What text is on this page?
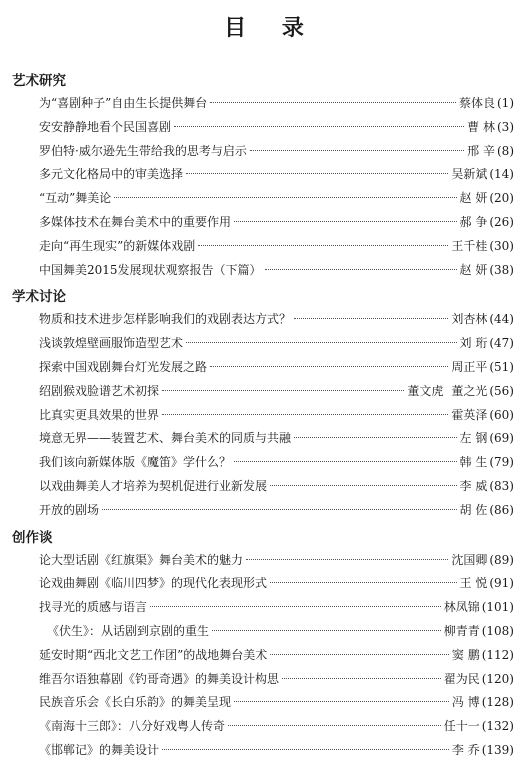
目 录
艺术研究
为“喜剧种子”自由生长提供舞台	蔡体良 (1)
安安静静地看个民国喜剧	曹 林 (3)
罗伯特·威尔逊先生带给我的思考与启示	邢 辛 (8)
多元文化格局中的审美选择	吴新斌 (14)
“互动”舞美论	赵 妍 (20)
多媒体技术在舞台美术中的重要作用	郝 争 (26)
走向“再生现实”的新媒体戏剧	王千桂 (30)
中国舞美2015发展现状观察报告（下篇）	赵 妍 (38)
学术讨论
物质和技术进步怎样影响我们的戏剧表达方式？	刘杏林 (44)
浅谈敦煌壁画服饰造型艺术	刘 珩 (47)
探索中国戏剧舞台灯光发展之路	周正平 (51)
绍剧猴戏脸谱艺术初探	董文虎 董之光 (56)
比真实更具效果的世界	霍英泽 (60)
境意无界——装置艺术、舞台美术的同质与共融	左 钢 (69)
我们该向新媒体版《魔笛》学什么？	韩 生 (79)
以戏曲舞美人才培养为契机促进行业新发展	李 威 (83)
开放的剧场	胡 佐 (86)
创作谈
论大型话剧《红旗渠》舞台美术的魅力	沈国卿 (89)
论戏曲舞剧《临川四梦》的现代化表现形式	王 悦 (91)
找寻光的质感与语言	林凤锦 (101)
《伏生》：从话剧到京剧的重生	柳青青 (108)
延安时期“西北文艺工作团”的战地舞台美术	窦 鹏 (112)
维吾尔语独幕剧《钓哥奇遇》的舞美设计构思	翟为民 (120)
民族音乐会《长白乐韵》的舞美呈现	冯 博 (128)
《南海十三郎》：八分好戏粤人传奇	任十一 (132)
《邯郸记》的舞美设计	李 乔 (139)
